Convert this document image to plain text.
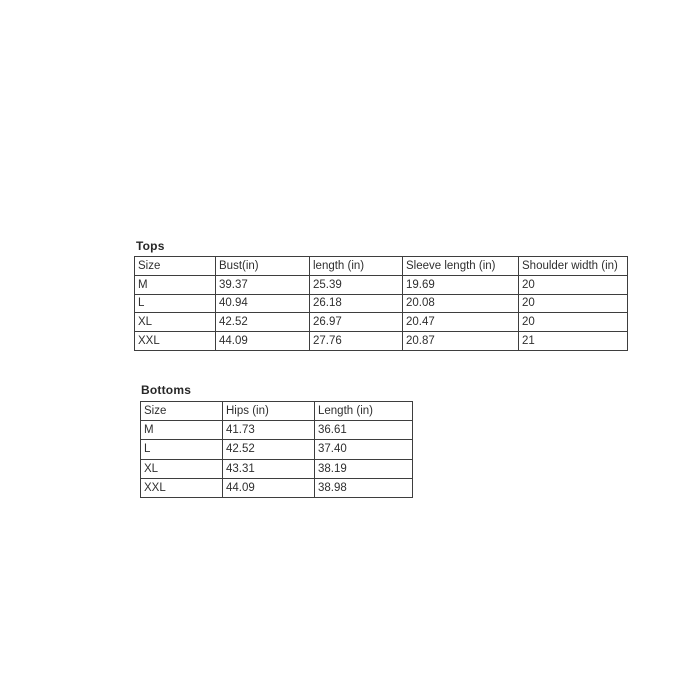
Tops
Size	Bust(in)	length (in)	Sleeve length (in)	Shoulder width (in)
M	39.37	25.39	19.69	20
L	40.94	26.18	20.08	20
XL	42.52	26.97	20.47	20
XXL	44.09	27.76	20.87	21
Bottoms
Size	Hips (in)	Length (in)
M	41.73	36.61
L	42.52	37.40
XL	43.31	38.19
XXL	44.09	38.98
